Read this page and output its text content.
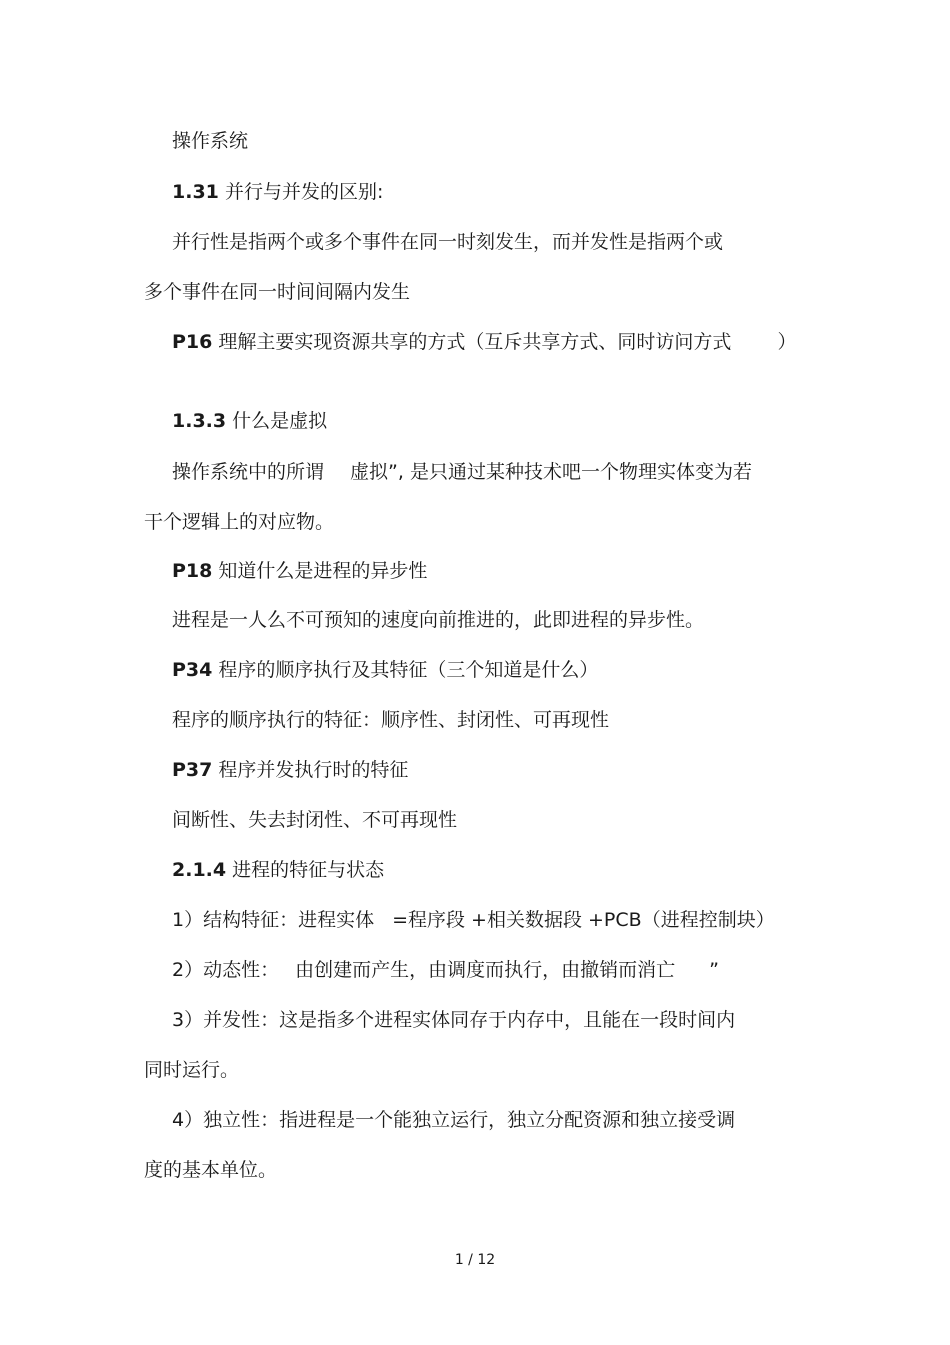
操作系统
1.31 并行与并发的区别:
并行性是指两个或多个事件在同一时刻发生，而并发性是指两个或
多个事件在同一时间间隔内发生
P16 理解主要实现资源共享的方式（互斥共享方式、同时访问方式 ）
1.3.3 什么是虚拟
操作系统中的所谓 虚拟”, 是只通过某种技术吧一个物理实体变为若
干个逻辑上的对应物。
P18 知道什么是进程的异步性
进程是一人么不可预知的速度向前推进的，此即进程的异步性。
P34 程序的顺序执行及其特征（三个知道是什么）
程序的顺序执行的特征：顺序性、封闭性、可再现性
P37 程序并发执行时的特征
间断性、失去封闭性、不可再现性
2.1.4 进程的特征与状态
1）结构特征：进程实体 =程序段 +相关数据段 +PCB（进程控制块）
2）动态性： 由创建而产生，由调度而执行，由撤销而消亡 ”
3）并发性：这是指多个进程实体同存于内存中，且能在一段时间内
同时运行。
4）独立性：指进程是一个能独立运行，独立分配资源和独立接受调
度的基本单位。
1 / 12
